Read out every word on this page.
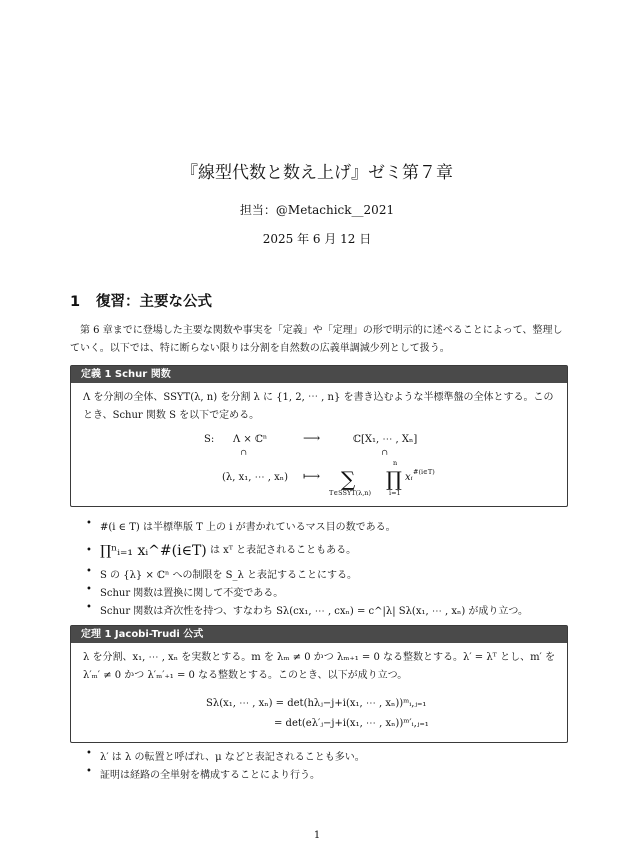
『線型代数と数え上げ』ゼミ第７章
担当：@Metachick__2021
2025 年 6 月 12 日
1 復習：主要な公式

第 6 章までに登場した主要な関数や事実を「定義」や「定理」の形で明示的に述べることによって、整理していく。以下では、特に断らない限りは分割を自然数の広義単調減少列として扱う。

定義 1 Schur 関数

Λ を分割の全体、SSYT(λ, n) を分割 λ に {1, 2, ⋯ , n} を書き込むような半標準盤の全体とする。このとき、Schur 関数 S を以下で定める。

S: Λ × ℂⁿ	⟶	ℂ[X₁, ⋯ , Xₙ]
∪	∪
(λ, x₁, ⋯ , xₙ) ⟼ ∑
T∈SSYT(λ,n)
n
∏
i=1
xᵢ #(i∈T)
• #(i ∈ T) は半標準版 T 上の i が書かれているマス目の数である。
• ∏ⁿᵢ₌₁ xᵢ^#(i∈T) は xᵀ と表記されることもある。
• S の {λ} × ℂⁿ への制限を S_λ と表記することにする。
• Schur 関数は置換に関して不変である。
• Schur 関数は斉次性を持つ、すなわち Sλ(cx₁, ⋯ , cxₙ) = c^|λ| Sλ(x₁, ⋯ , xₙ) が成り立つ。
定理 1 Jacobi-Trudi 公式

λ を分割、x₁, ⋯ , xₙ を実数とする。m を λₘ ≠ 0 かつ λₘ₊₁ = 0 なる整数とする。λ′ = λᵀ とし、m′ を λ′ₘ′ ≠ 0 かつ λ′ₘ′₊₁ = 0 なる整数とする。このとき、以下が成り立つ。

Sλ(x₁, ⋯ , xₙ) = det(hλⱼ−j+i(x₁, ⋯ , xₙ))ᵐᵢ,ⱼ₌₁
= det(eλ′ⱼ−j+i(x₁, ⋯ , xₙ))ᵐ′ᵢ,ⱼ₌₁
• λ′ は λ の転置と呼ばれ、μ などと表記されることも多い。
• 証明は経路の全単射を構成することにより行う。
1
